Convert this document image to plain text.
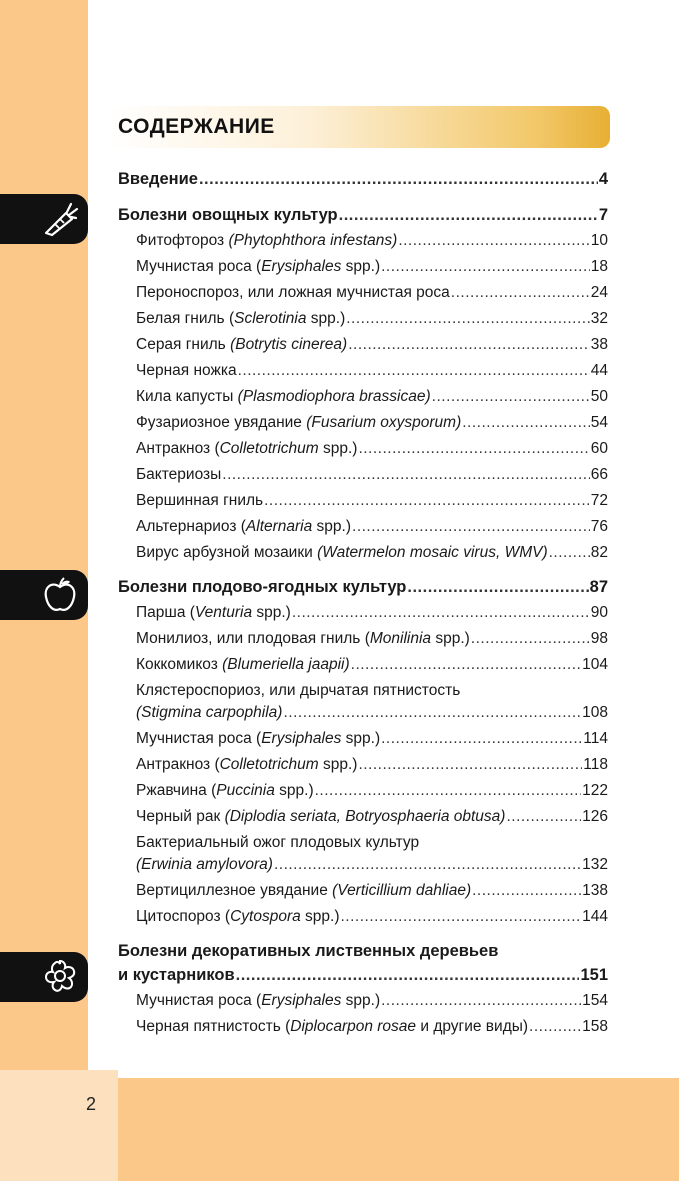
2
СОДЕРЖАНИЕ
Введение .....	4
Болезни овощных культур .....	7
Фитофтороз (Phytophthora infestans) .....	10
Мучнистая роса (Erysiphales spp.) .....	18
Пероноспороз, или ложная мучнистая роса .....	24
Белая гниль (Sclerotinia spp.) .....	32
Серая гниль (Botrytis cinerea) .....	38
Черная ножка .....	44
Кила капусты (Plasmodiophora brassicae) .....	50
Фузариозное увядание (Fusarium oxysporum) .....	54
Антракноз (Colletotrichum spp.) .....	60
Бактериозы .....	66
Вершинная гниль .....	72
Альтернариоз (Alternaria spp.) .....	76
Вирус арбузной мозаики (Watermelon mosaic virus, WMV) .....	82
Болезни плодово-ягодных культур .....	87
Парша (Venturia spp.) .....	90
Монилиоз, или плодовая гниль (Monilinia spp.) .....	98
Коккомикоз (Blumeriella jaapii) .....	104
Клястероспориоз, или дырчатая пятнистость
(Stigmina carpophila) .....	108
Мучнистая роса (Erysiphales spp.) .....	114
Антракноз (Colletotrichum spp.) .....	118
Ржавчина (Puccinia spp.) .....	122
Черный рак (Diplodia seriata, Botryosphaeria obtusa) .....	126
Бактериальный ожог плодовых культур
(Erwinia amylovora) .....	132
Вертициллезное увядание (Verticillium dahliae) .....	138
Цитоспороз (Cytospora spp.) .....	144
Болезни декоративных лиственных деревьев
и кустарников .....	151
Мучнистая роса (Erysiphales spp.) .....	154
Черная пятнистость (Diplocarpon rosae и другие виды) .....	158
